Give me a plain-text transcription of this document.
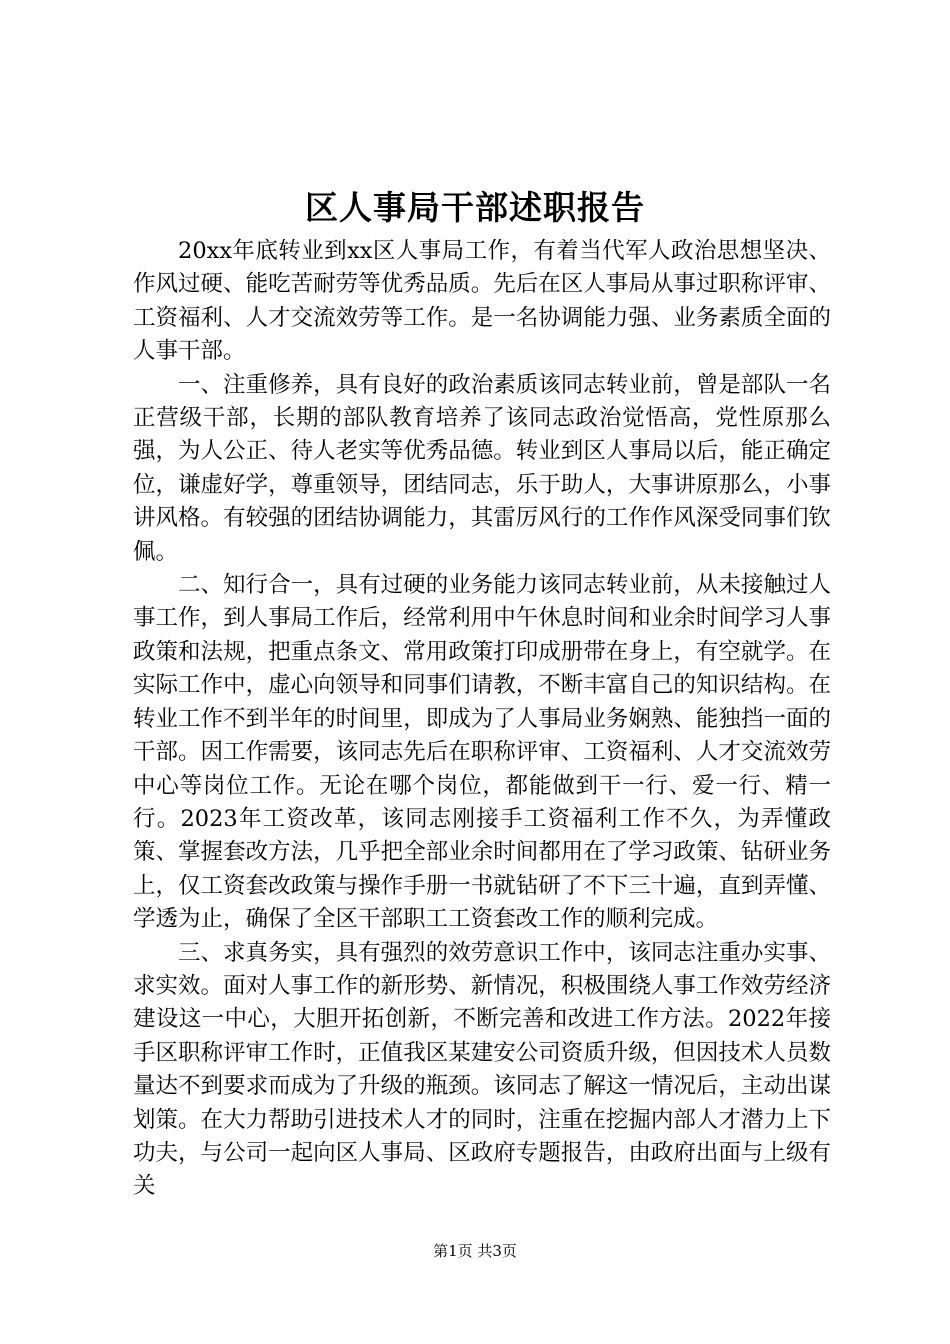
区人事局干部述职报告

20xx年底转业到xx区人事局工作，有着当代军人政治思想坚决、作风过硬、能吃苦耐劳等优秀品质。先后在区人事局从事过职称评审、工资福利、人才交流效劳等工作。是一名协调能力强、业务素质全面的人事干部。

一、注重修养，具有良好的政治素质该同志转业前，曾是部队一名正营级干部，长期的部队教育培养了该同志政治觉悟高，党性原那么强，为人公正、待人老实等优秀品德。转业到区人事局以后，能正确定位，谦虚好学，尊重领导，团结同志，乐于助人，大事讲原那么，小事讲风格。有较强的团结协调能力，其雷厉风行的工作作风深受同事们钦佩。

二、知行合一，具有过硬的业务能力该同志转业前，从未接触过人事工作，到人事局工作后，经常利用中午休息时间和业余时间学习人事政策和法规，把重点条文、常用政策打印成册带在身上，有空就学。在实际工作中，虚心向领导和同事们请教，不断丰富自己的知识结构。在转业工作不到半年的时间里，即成为了人事局业务娴熟、能独挡一面的干部。因工作需要，该同志先后在职称评审、工资福利、人才交流效劳中心等岗位工作。无论在哪个岗位，都能做到干一行、爱一行、精一行。2023年工资改革，该同志刚接手工资福利工作不久，为弄懂政策、掌握套改方法，几乎把全部业余时间都用在了学习政策、钻研业务上，仅工资套改政策与操作手册一书就钻研了不下三十遍，直到弄懂、学透为止，确保了全区干部职工工资套改工作的顺利完成。

三、求真务实，具有强烈的效劳意识工作中，该同志注重办实事、求实效。面对人事工作的新形势、新情况，积极围绕人事工作效劳经济建设这一中心，大胆开拓创新，不断完善和改进工作方法。2022年接手区职称评审工作时，正值我区某建安公司资质升级，但因技术人员数量达不到要求而成为了升级的瓶颈。该同志了解这一情况后，主动出谋划策。在大力帮助引进技术人才的同时，注重在挖掘内部人才潜力上下功夫，与公司一起向区人事局、区政府专题报告，由政府出面与上级有关

第1页 共3页
